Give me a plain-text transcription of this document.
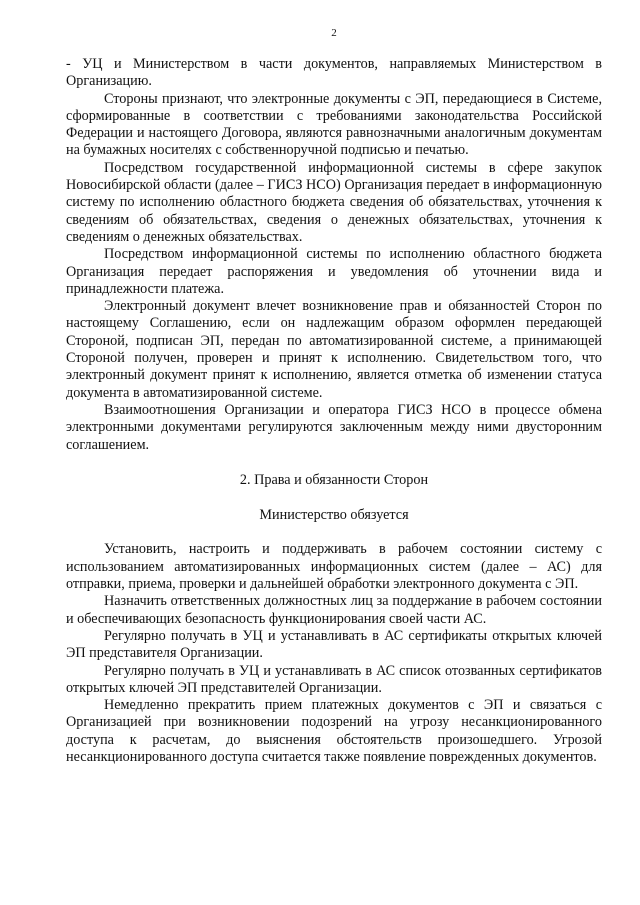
2

- УЦ и Министерством в части документов, направляемых Министерством в Организацию.

Стороны признают, что электронные документы с ЭП, передающиеся в Системе, сформированные в соответствии с требованиями законодательства Российской Федерации и настоящего Договора, являются равнозначными аналогичным документам на бумажных носителях с собственноручной подписью и печатью.

Посредством государственной информационной системы в сфере закупок Новосибирской области (далее – ГИСЗ НСО) Организация передает в информационную систему по исполнению областного бюджета сведения об обязательствах, уточнения к сведениям об обязательствах, сведения о денежных обязательствах, уточнения к сведениям о денежных обязательствах.

Посредством информационной системы по исполнению областного бюджета Организация передает распоряжения и уведомления об уточнении вида и принадлежности платежа.

Электронный документ влечет возникновение прав и обязанностей Сторон по настоящему Соглашению, если он надлежащим образом оформлен передающей Стороной, подписан ЭП, передан по автоматизированной системе, а принимающей Стороной получен, проверен и принят к исполнению. Свидетельством того, что электронный документ принят к исполнению, является отметка об изменении статуса документа в автоматизированной системе.

Взаимоотношения Организации и оператора ГИСЗ НСО в процессе обмена электронными документами регулируются заключенным между ними двусторонним соглашением.

2. Права и обязанности Сторон

Министерство обязуется

Установить, настроить и поддерживать в рабочем состоянии систему с использованием автоматизированных информационных систем (далее – АС) для отправки, приема, проверки и дальнейшей обработки электронного документа с ЭП.

Назначить ответственных должностных лиц за поддержание в рабочем состоянии и обеспечивающих безопасность функционирования своей части АС.

Регулярно получать в УЦ и устанавливать в АС сертификаты открытых ключей ЭП представителя Организации.

Регулярно получать в УЦ и устанавливать в АС список отозванных сертификатов открытых ключей ЭП представителей Организации.

Немедленно прекратить прием платежных документов с ЭП и связаться с Организацией при возникновении подозрений на угрозу несанкционированного доступа к расчетам, до выяснения обстоятельств произошедшего. Угрозой несанкционированного доступа считается также появление поврежденных документов.
